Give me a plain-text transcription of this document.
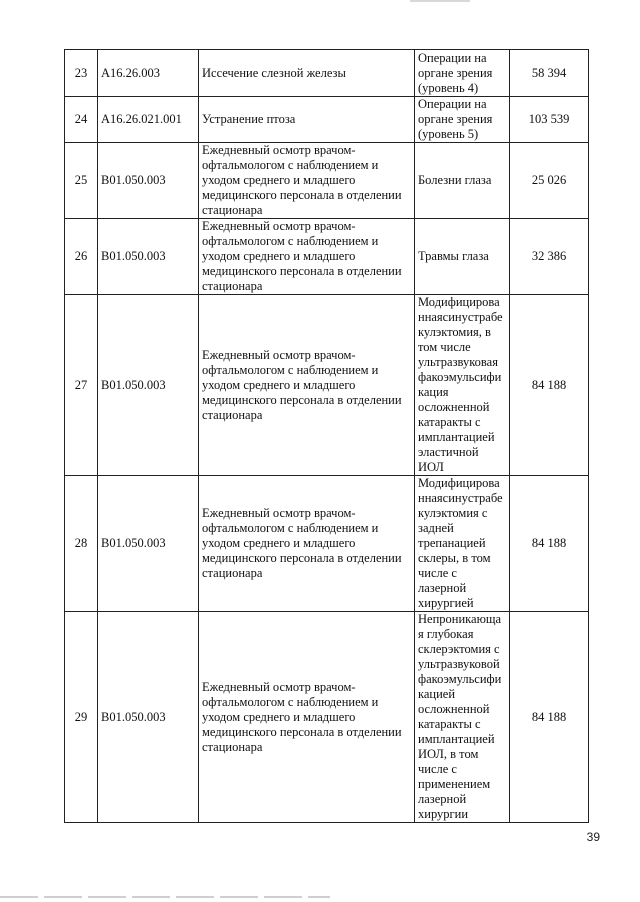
23	A16.26.003	Иссечение слезной железы	Операции на органе зрения (уровень 4)	58 394
24	A16.26.021.001	Устранение птоза	Операции на органе зрения (уровень 5)	103 539
25	B01.050.003	Ежедневный осмотр врачом-офтальмологом с наблюдением и уходом среднего и младшего медицинского персонала в отделении стационара	Болезни глаза	25 026
26	B01.050.003	Ежедневный осмотр врачом-офтальмологом с наблюдением и уходом среднего и младшего медицинского персонала в отделении стационара	Травмы глаза	32 386
27	B01.050.003	Ежедневный осмотр врачом-офтальмологом с наблюдением и уходом среднего и младшего медицинского персонала в отделении стационара	Модифицированнаясинустрабекулэктомия, в том числе ультразвуковая факоэмульсификация осложненной катаракты с имплантацией эластичной ИОЛ	84 188
28	B01.050.003	Ежедневный осмотр врачом-офтальмологом с наблюдением и уходом среднего и младшего медицинского персонала в отделении стационара	Модифицированнаясинустрабекулэктомия с задней трепанацией склеры, в том числе с лазерной хирургией	84 188
29	B01.050.003	Ежедневный осмотр врачом-офтальмологом с наблюдением и уходом среднего и младшего медицинского персонала в отделении стационара	Непроникающая глубокая склерэктомия с ультразвуковой факоэмульсификацией осложненной катаракты с имплантацией ИОЛ, в том числе с применением лазерной хирургии	84 188
39
